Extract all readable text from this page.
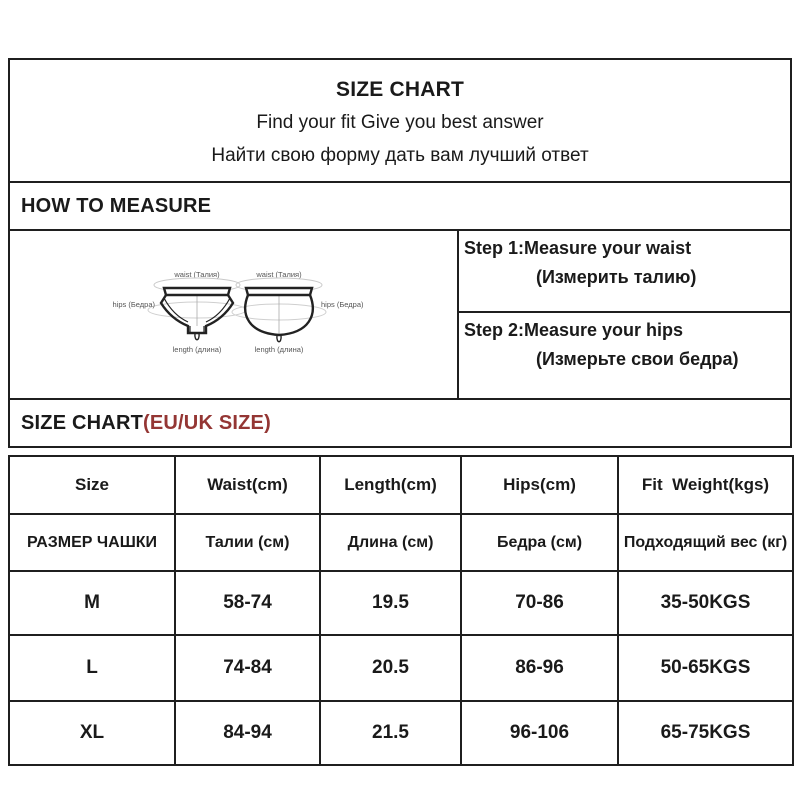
SIZE CHART
Find your fit Give you best answer
Найти свою форму дать вам лучший ответ
HOW TO MEASURE
waist (Талия)
hips (Бедра)
length (длина)
waist (Талия)
hips (Бедра)
length (длина)
Step 1:Measure your waist
(Измерить талию)
Step 2:Measure your hips
(Измерьте свои бедра)
SIZE CHART (EU/UK SIZE)
Size	Waist(cm)	Length(cm)	Hips(cm)	Fit  Weight(kgs)
РАЗМЕР ЧАШКИ	Талии (см)	Длина (см)	Бедра (см)	Подходящий вес (кг)
M	58-74	19.5	70-86	35-50KGS
L	74-84	20.5	86-96	50-65KGS
XL	84-94	21.5	96-106	65-75KGS
